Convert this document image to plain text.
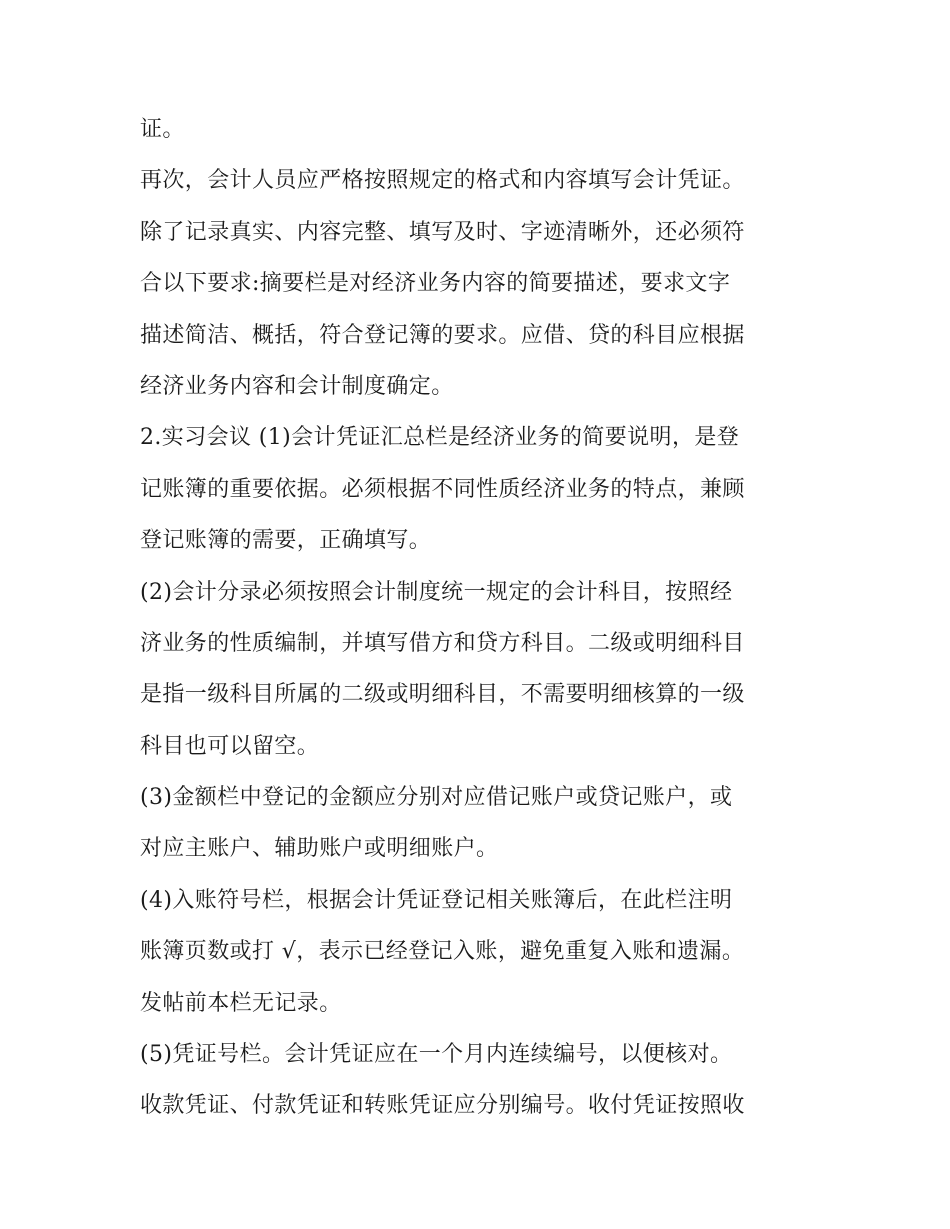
证。
再次，会计人员应严格按照规定的格式和内容填写会计凭证。
除了记录真实、内容完整、填写及时、字迹清晰外，还必须符
合以下要求:摘要栏是对经济业务内容的简要描述，要求文字
描述简洁、概括，符合登记簿的要求。应借、贷的科目应根据
经济业务内容和会计制度确定。
2.实习会议 (1)会计凭证汇总栏是经济业务的简要说明，是登
记账簿的重要依据。必须根据不同性质经济业务的特点，兼顾
登记账簿的需要，正确填写。
(2)会计分录必须按照会计制度统一规定的会计科目，按照经
济业务的性质编制，并填写借方和贷方科目。二级或明细科目
是指一级科目所属的二级或明细科目，不需要明细核算的一级
科目也可以留空。
(3)金额栏中登记的金额应分别对应借记账户或贷记账户，或
对应主账户、辅助账户或明细账户。
(4)入账符号栏，根据会计凭证登记相关账簿后，在此栏注明
账簿页数或打 √，表示已经登记入账，避免重复入账和遗漏。
发帖前本栏无记录。
(5)凭证号栏。会计凭证应在一个月内连续编号，以便核对。
收款凭证、付款凭证和转账凭证应分别编号。收付凭证按照收
